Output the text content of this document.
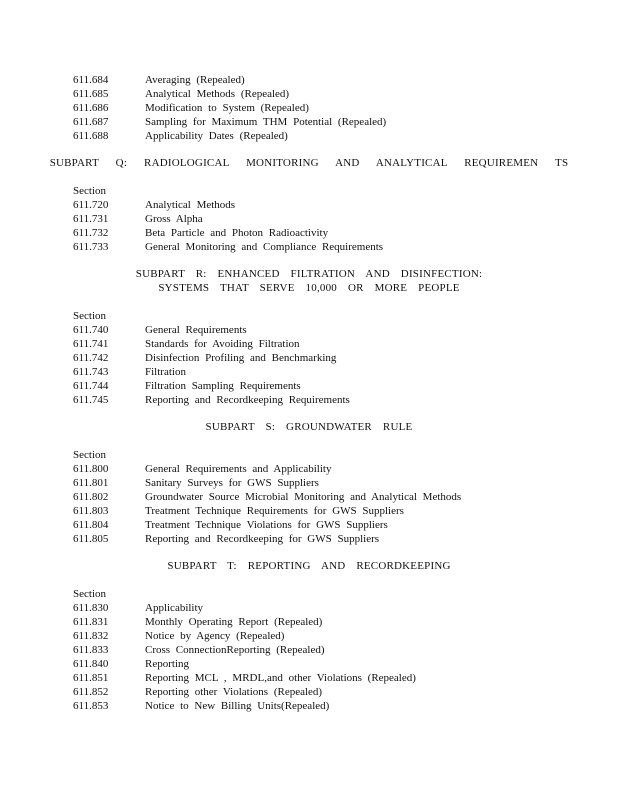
611.684	Averaging (Repealed)
611.685	Analytical Methods (Repealed)
611.686	Modification to System (Repealed)
611.687	Sampling for Maximum THM Potential (Repealed)
611.688	Applicability Dates (Repealed)
SUBPART Q: RADIOLOGICAL MONITORING AND ANALYTICAL REQUIREMEN TS
Section
611.720	Analytical Methods
611.731	Gross Alpha
611.732	Beta Particle and Photon Radioactivity
611.733	General Monitoring and Compliance Requirements
SUBPART R: ENHANCED FILTRATION AND DISINFECTION:
SYSTEMS THAT SERVE 10,000 OR MORE PEOPLE
Section
611.740	General Requirements
611.741	Standards for Avoiding Filtration
611.742	Disinfection Profiling and Benchmarking
611.743	Filtration
611.744	Filtration Sampling Requirements
611.745	Reporting and Recordkeeping Requirements
SUBPART S: GROUNDWATER RULE
Section
611.800	General Requirements and Applicability
611.801	Sanitary Surveys for GWS Suppliers
611.802	Groundwater Source Microbial Monitoring and Analytical Methods
611.803	Treatment Technique Requirements for GWS Suppliers
611.804	Treatment Technique Violations for GWS Suppliers
611.805	Reporting and Recordkeeping for GWS Suppliers
SUBPART T: REPORTING AND RECORDKEEPING
Section
611.830	Applicability
611.831	Monthly Operating Report (Repealed)
611.832	Notice by Agency (Repealed)
611.833	Cross ConnectionReporting (Repealed)
611.840	Reporting
611.851	Reporting MCL , MRDL,and other Violations (Repealed)
611.852	Reporting other Violations (Repealed)
611.853	Notice to New Billing Units(Repealed)
